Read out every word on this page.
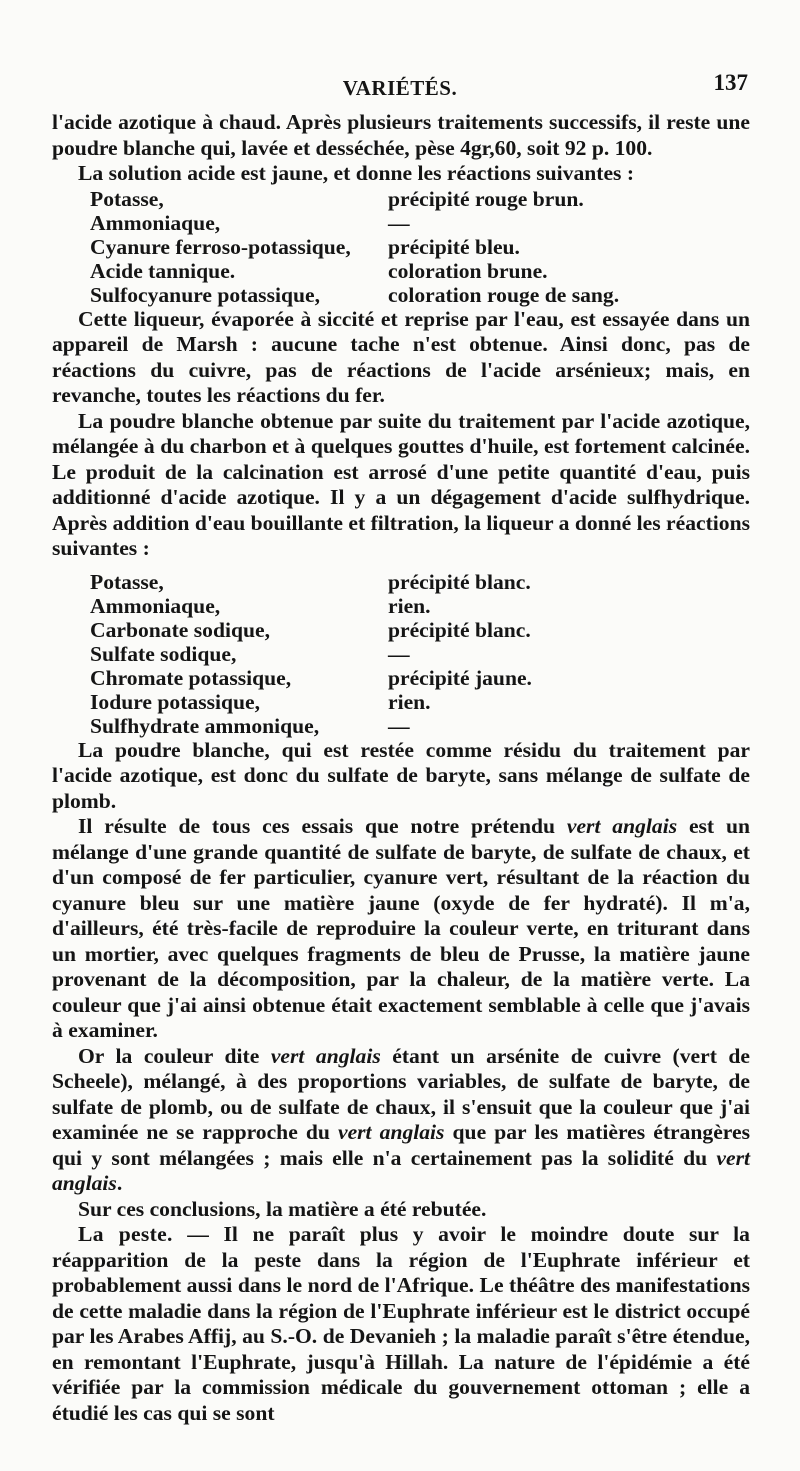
VARIÉTÉS.	137

l'acide azotique à chaud. Après plusieurs traitements successifs, il reste une poudre blanche qui, lavée et desséchée, pèse 4gr,60, soit 92 p. 100.

La solution acide est jaune, et donne les réactions suivantes :

Potasse,	précipité rouge brun.
Ammoniaque,	—
Cyanure ferroso-potassique,	précipité bleu.
Acide tannique.	coloration brune.
Sulfocyanure potassique,	coloration rouge de sang.

Cette liqueur, évaporée à siccité et reprise par l'eau, est essayée dans un appareil de Marsh : aucune tache n'est obtenue. Ainsi donc, pas de réactions du cuivre, pas de réactions de l'acide arsénieux; mais, en revanche, toutes les réactions du fer.

La poudre blanche obtenue par suite du traitement par l'acide azotique, mélangée à du charbon et à quelques gouttes d'huile, est fortement calcinée. Le produit de la calcination est arrosé d'une petite quantité d'eau, puis additionné d'acide azotique. Il y a un dégagement d'acide sulfhydrique. Après addition d'eau bouillante et filtration, la liqueur a donné les réactions suivantes :

Potasse,	précipité blanc.
Ammoniaque,	rien.
Carbonate sodique,	précipité blanc.
Sulfate sodique,	—
Chromate potassique,	précipité jaune.
Iodure potassique,	rien.
Sulfhydrate ammonique,	—

La poudre blanche, qui est restée comme résidu du traitement par l'acide azotique, est donc du sulfate de baryte, sans mélange de sulfate de plomb.

Il résulte de tous ces essais que notre prétendu vert anglais est un mélange d'une grande quantité de sulfate de baryte, de sulfate de chaux, et d'un composé de fer particulier, cyanure vert, résultant de la réaction du cyanure bleu sur une matière jaune (oxyde de fer hydraté). Il m'a, d'ailleurs, été très-facile de reproduire la couleur verte, en triturant dans un mortier, avec quelques fragments de bleu de Prusse, la matière jaune provenant de la décomposition, par la chaleur, de la matière verte. La couleur que j'ai ainsi obtenue était exactement semblable à celle que j'avais à examiner.

Or la couleur dite vert anglais étant un arsénite de cuivre (vert de Scheele), mélangé, à des proportions variables, de sulfate de baryte, de sulfate de plomb, ou de sulfate de chaux, il s'ensuit que la couleur que j'ai examinée ne se rapproche du vert anglais que par les matières étrangères qui y sont mélangées ; mais elle n'a certainement pas la solidité du vert anglais.

Sur ces conclusions, la matière a été rebutée.

La peste. — Il ne paraît plus y avoir le moindre doute sur la réapparition de la peste dans la région de l'Euphrate inférieur et probablement aussi dans le nord de l'Afrique. Le théâtre des manifestations de cette maladie dans la région de l'Euphrate inférieur est le district occupé par les Arabes Affij, au S.-O. de Devanieh ; la maladie paraît s'être étendue, en remontant l'Euphrate, jusqu'à Hillah. La nature de l'épidémie a été vérifiée par la commission médicale du gouvernement ottoman ; elle a étudié les cas qui se sont
